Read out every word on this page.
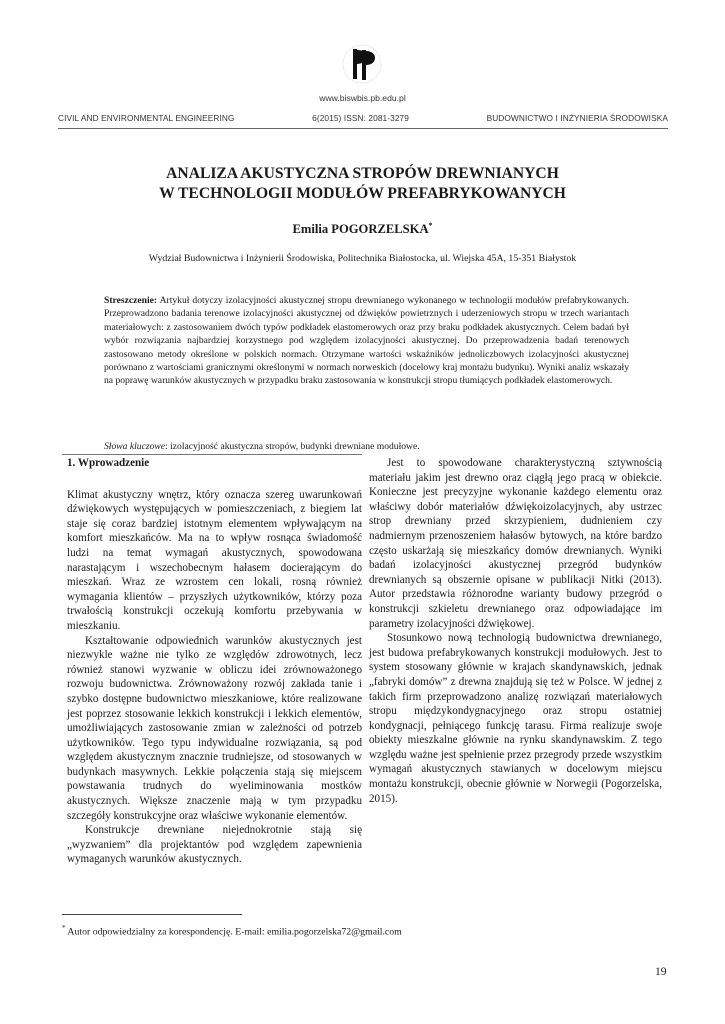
www.biswbis.pb.edu.pl
CIVIL AND ENVIRONMENTAL ENGINEERING	6(2015) ISSN: 2081-3279	BUDOWNICTWO I INŻYNIERIA ŚRODOWISKA
ANALIZA AKUSTYCZNA STROPÓW DREWNIANYCH
W TECHNOLOGII MODUŁÓW PREFABRYKOWANYCH
Emilia POGORZELSKA*
Wydział Budownictwa i Inżynierii Środowiska, Politechnika Białostocka, ul. Wiejska 45A, 15-351 Białystok

Streszczenie: Artykuł dotyczy izolacyjności akustycznej stropu drewnianego wykonanego w technologii modułów prefabrykowanych. Przeprowadzono badania terenowe izolacyjności akustycznej od dźwięków powietrznych i uderzeniowych stropu w trzech wariantach materiałowych: z zastosowaniem dwóch typów podkładek elastomerowych oraz przy braku podkładek akustycznych. Celem badań był wybór rozwiązania najbardziej korzystnego pod względem izolacyjności akustycznej. Do przeprowadzenia badań terenowych zastosowano metody określone w polskich normach. Otrzymane wartości wskaźników jednoliczbowych izolacyjności akustycznej porównano z wartościami granicznymi określonymi w normach norweskich (docelowy kraj montażu budynku). Wyniki analiz wskazały na poprawę warunków akustycznych w przypadku braku zastosowania w konstrukcji stropu tłumiących podkładek elastomerowych.

Słowa kluczowe: izolacyjność akustyczna stropów, budynki drewniane modułowe.

1. Wprowadzenie

Klimat akustyczny wnętrz, który oznacza szereg uwarunkowań dźwiękowych występujących w pomieszczeniach, z biegiem lat staje się coraz bardziej istotnym elementem wpływającym na komfort mieszkańców. Ma na to wpływ rosnąca świadomość ludzi na temat wymagań akustycznych, spowodowana narastającym i wszechobecnym hałasem docierającym do mieszkań. Wraz ze wzrostem cen lokali, rosną również wymagania klientów – przyszłych użytkowników, którzy poza trwałością konstrukcji oczekują komfortu przebywania w mieszkaniu.

Kształtowanie odpowiednich warunków akustycznych jest niezwykle ważne nie tylko ze względów zdrowotnych, lecz również stanowi wyzwanie w obliczu idei zrównoważonego rozwoju budownictwa. Zrównoważony rozwój zakłada tanie i szybko dostępne budownictwo mieszkaniowe, które realizowane jest poprzez stosowanie lekkich konstrukcji i lekkich elementów, umożliwiających zastosowanie zmian w zależności od potrzeb użytkowników. Tego typu indywidualne rozwiązania, są pod względem akustycznym znacznie trudniejsze, od stosowanych w budynkach masywnych. Lekkie połączenia stają się miejscem powstawania trudnych do wyeliminowania mostków akustycznych. Większe znaczenie mają w tym przypadku szczegóły konstrukcyjne oraz właściwe wykonanie elementów.

Konstrukcje drewniane niejednokrotnie stają się „wyzwaniem” dla projektantów pod względem zapewnienia wymaganych warunków akustycznych.

Jest to spowodowane charakterystyczną sztywnością materiału jakim jest drewno oraz ciągłą jego pracą w obiekcie. Konieczne jest precyzyjne wykonanie każdego elementu oraz właściwy dobór materiałów dźwiękoizolacyjnych, aby ustrzec strop drewniany przed skrzypieniem, dudnieniem czy nadmiernym przenoszeniem hałasów bytowych, na które bardzo często uskarżają się mieszkańcy domów drewnianych. Wyniki badań izolacyjności akustycznej przegród budynków drewnianych są obszernie opisane w publikacji Nitki (2013). Autor przedstawia różnorodne warianty budowy przegród o konstrukcji szkieletu drewnianego oraz odpowiadające im parametry izolacyjności dźwiękowej.

Stosunkowo nową technologią budownictwa drewnianego, jest budowa prefabrykowanych konstrukcji modułowych. Jest to system stosowany głównie w krajach skandynawskich, jednak „fabryki domów” z drewna znajdują się też w Polsce. W jednej z takich firm przeprowadzono analizę rozwiązań materiałowych stropu międzykondygnacyjnego oraz stropu ostatniej kondygnacji, pełniącego funkcję tarasu. Firma realizuje swoje obiekty mieszkalne głównie na rynku skandynawskim. Z tego względu ważne jest spełnienie przez przegrody przede wszystkim wymagań akustycznych stawianych w docelowym miejscu montażu konstrukcji, obecnie głównie w Norwegii (Pogorzelska, 2015).

* Autor odpowiedzialny za korespondencję. E-mail: emilia.pogorzelska72@gmail.com
19
